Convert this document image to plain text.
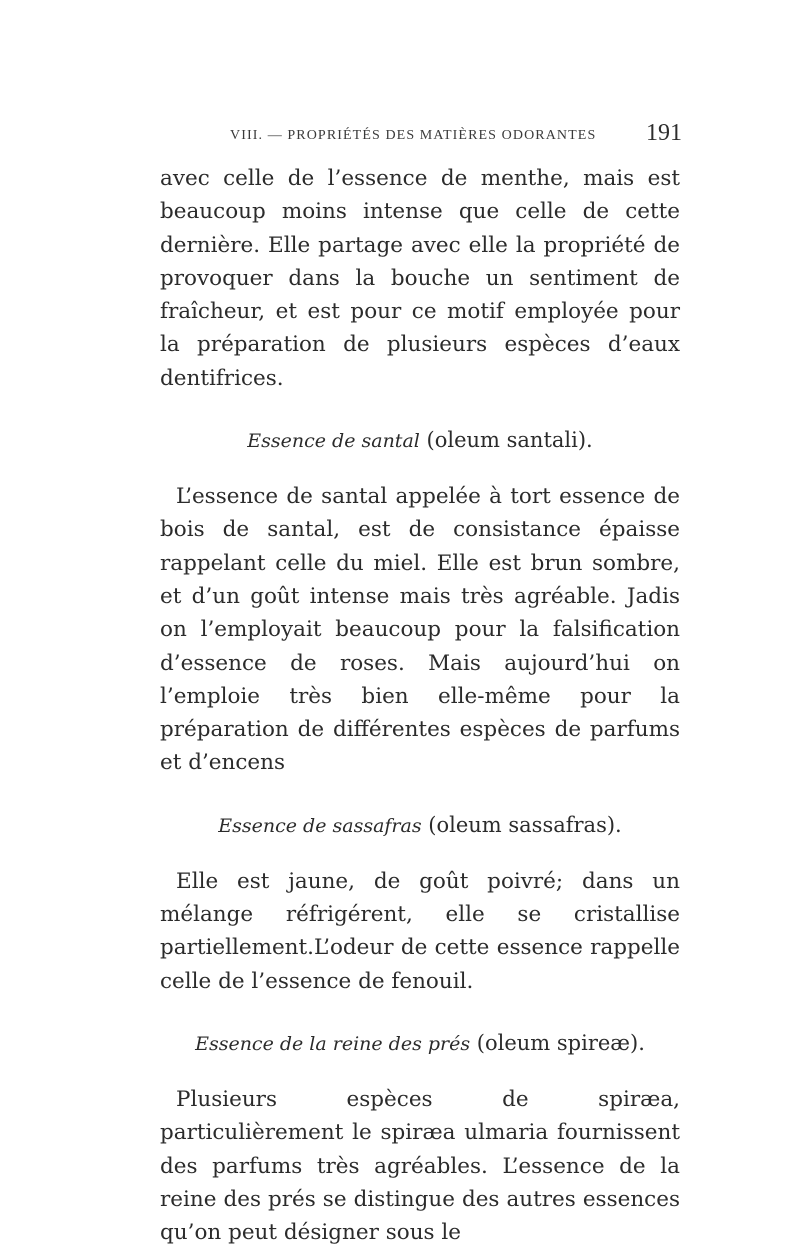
VIII. — PROPRIÉTÉS DES MATIÈRES ODORANTES 191

avec celle de l’essence de menthe, mais est beaucoup moins intense que celle de cette dernière. Elle partage avec elle la propriété de provoquer dans la bouche un sentiment de fraîcheur, et est pour ce motif employée pour la préparation de plusieurs espèces d’eaux dentifrices.

Essence de santal (oleum santali).

L’essence de santal appelée à tort essence de bois de santal, est de consistance épaisse rappelant celle du miel. Elle est brun sombre, et d’un goût intense mais très agréable. Jadis on l’employait beaucoup pour la falsification d’essence de roses. Mais aujourd’hui on l’emploie très bien elle-même pour la préparation de différentes espèces de parfums et d’encens

Essence de sassafras (oleum sassafras).

Elle est jaune, de goût poivré; dans un mélange réfrigérent, elle se cristallise partiellement.L’odeur de cette essence rappelle celle de l’essence de fenouil.

Essence de la reine des prés (oleum spireæ).

Plusieurs espèces de spiræa, particulièrement le spiræa ulmaria fournissent des parfums très agréables. L’essence de la reine des prés se distingue des autres essences qu’on peut désigner sous le
